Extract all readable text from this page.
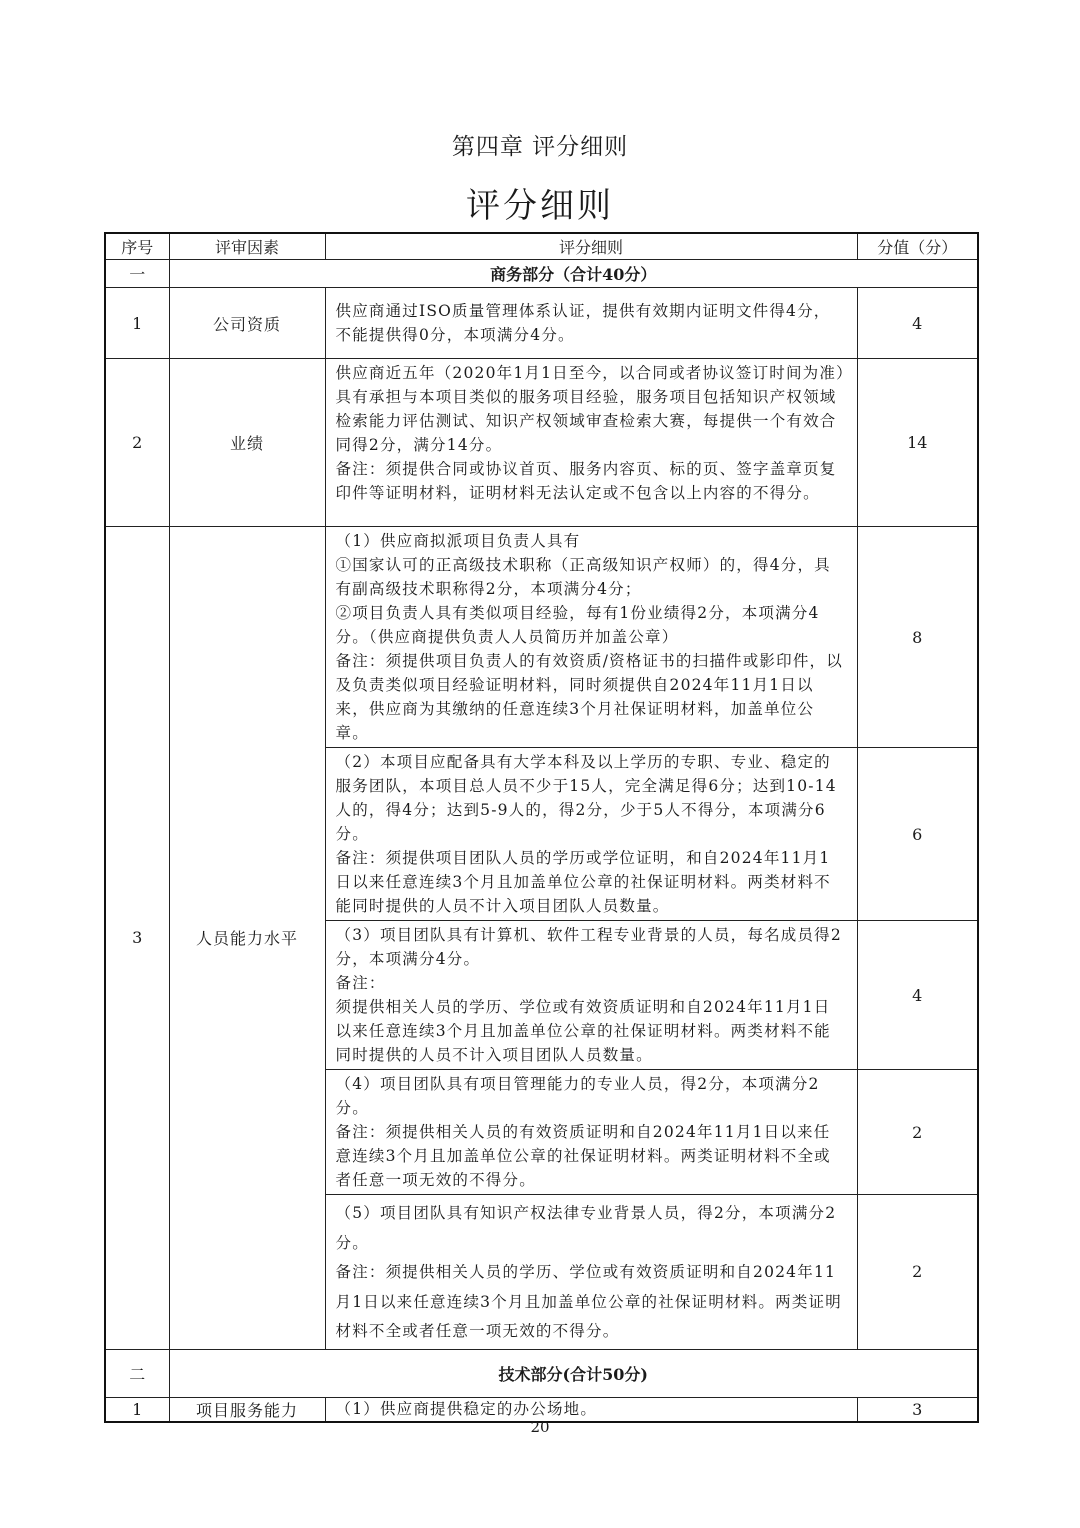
第四章 评分细则
评分细则
序号	评审因素	评分细则	分值（分）
一	商务部分（合计40分）		
1	公司资质	供应商通过ISO质量管理体系认证，提供有效期内证明文件得4分，不能提供得0分，本项满分4分。	4
2	业绩	供应商近五年（2020年1月1日至今，以合同或者协议签订时间为准）具有承担与本项目类似的服务项目经验，服务项目包括知识产权领域检索能力评估测试、知识产权领域审查检索大赛，每提供一个有效合同得2分，满分14分。
备注：须提供合同或协议首页、服务内容页、标的页、签字盖章页复印件等证明材料，证明材料无法认定或不包含以上内容的不得分。	14
3	人员能力水平	（1）供应商拟派项目负责人具有
①国家认可的正高级技术职称（正高级知识产权师）的，得4分，具有副高级技术职称得2分，本项满分4分；
②项目负责人具有类似项目经验，每有1份业绩得2分，本项满分4分。（供应商提供负责人人员简历并加盖公章）
备注：须提供项目负责人的有效资质/资格证书的扫描件或影印件，以及负责类似项目经验证明材料，同时须提供自2024年11月1日以来，供应商为其缴纳的任意连续3个月社保证明材料，加盖单位公章。	8
		（2）本项目应配备具有大学本科及以上学历的专职、专业、稳定的服务团队，本项目总人员不少于15人，完全满足得6分；达到10-14人的，得4分；达到5-9人的，得2分，少于5人不得分，本项满分6分。
备注：须提供项目团队人员的学历或学位证明，和自2024年11月1日以来任意连续3个月且加盖单位公章的社保证明材料。两类材料不能同时提供的人员不计入项目团队人员数量。	6
		（3）项目团队具有计算机、软件工程专业背景的人员，每名成员得2分，本项满分4分。
备注：
须提供相关人员的学历、学位或有效资质证明和自2024年11月1日以来任意连续3个月且加盖单位公章的社保证明材料。两类材料不能同时提供的人员不计入项目团队人员数量。	4
		（4）项目团队具有项目管理能力的专业人员，得2分，本项满分2分。
备注：须提供相关人员的有效资质证明和自2024年11月1日以来任意连续3个月且加盖单位公章的社保证明材料。两类证明材料不全或者任意一项无效的不得分。	2
		（5）项目团队具有知识产权法律专业背景人员，得2分，本项满分2分。
备注：须提供相关人员的学历、学位或有效资质证明和自2024年11月1日以来任意连续3个月且加盖单位公章的社保证明材料。两类证明材料不全或者任意一项无效的不得分。	2
二	技术部分(合计50分)		
1	项目服务能力	（1）供应商提供稳定的办公场地。	3
20
